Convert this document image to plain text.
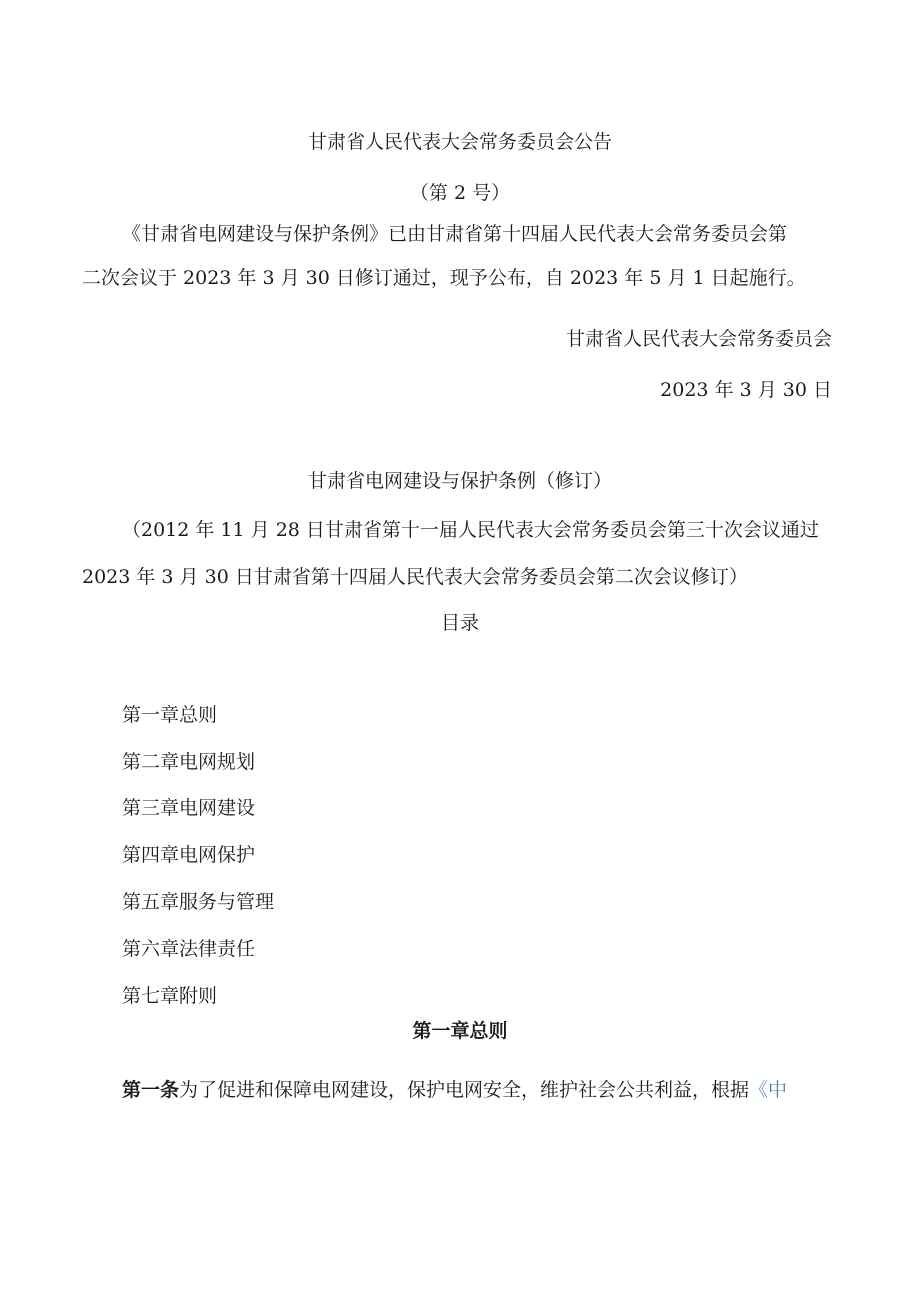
甘肃省人民代表大会常务委员会公告
（第 2 号）
《甘肃省电网建设与保护条例》已由甘肃省第十四届人民代表大会常务委员会第
二次会议于 2023 年 3 月 30 日修订通过，现予公布，自 2023 年 5 月 1 日起施行。
甘肃省人民代表大会常务委员会
2023 年 3 月 30 日
甘肃省电网建设与保护条例（修订）
（2012 年 11 月 28 日甘肃省第十一届人民代表大会常务委员会第三十次会议通过
2023 年 3 月 30 日甘肃省第十四届人民代表大会常务委员会第二次会议修订）
目录
第一章总则
第二章电网规划
第三章电网建设
第四章电网保护
第五章服务与管理
第六章法律责任
第七章附则
第一章总则
第一条为了促进和保障电网建设，保护电网安全，维护社会公共利益，根据《中
